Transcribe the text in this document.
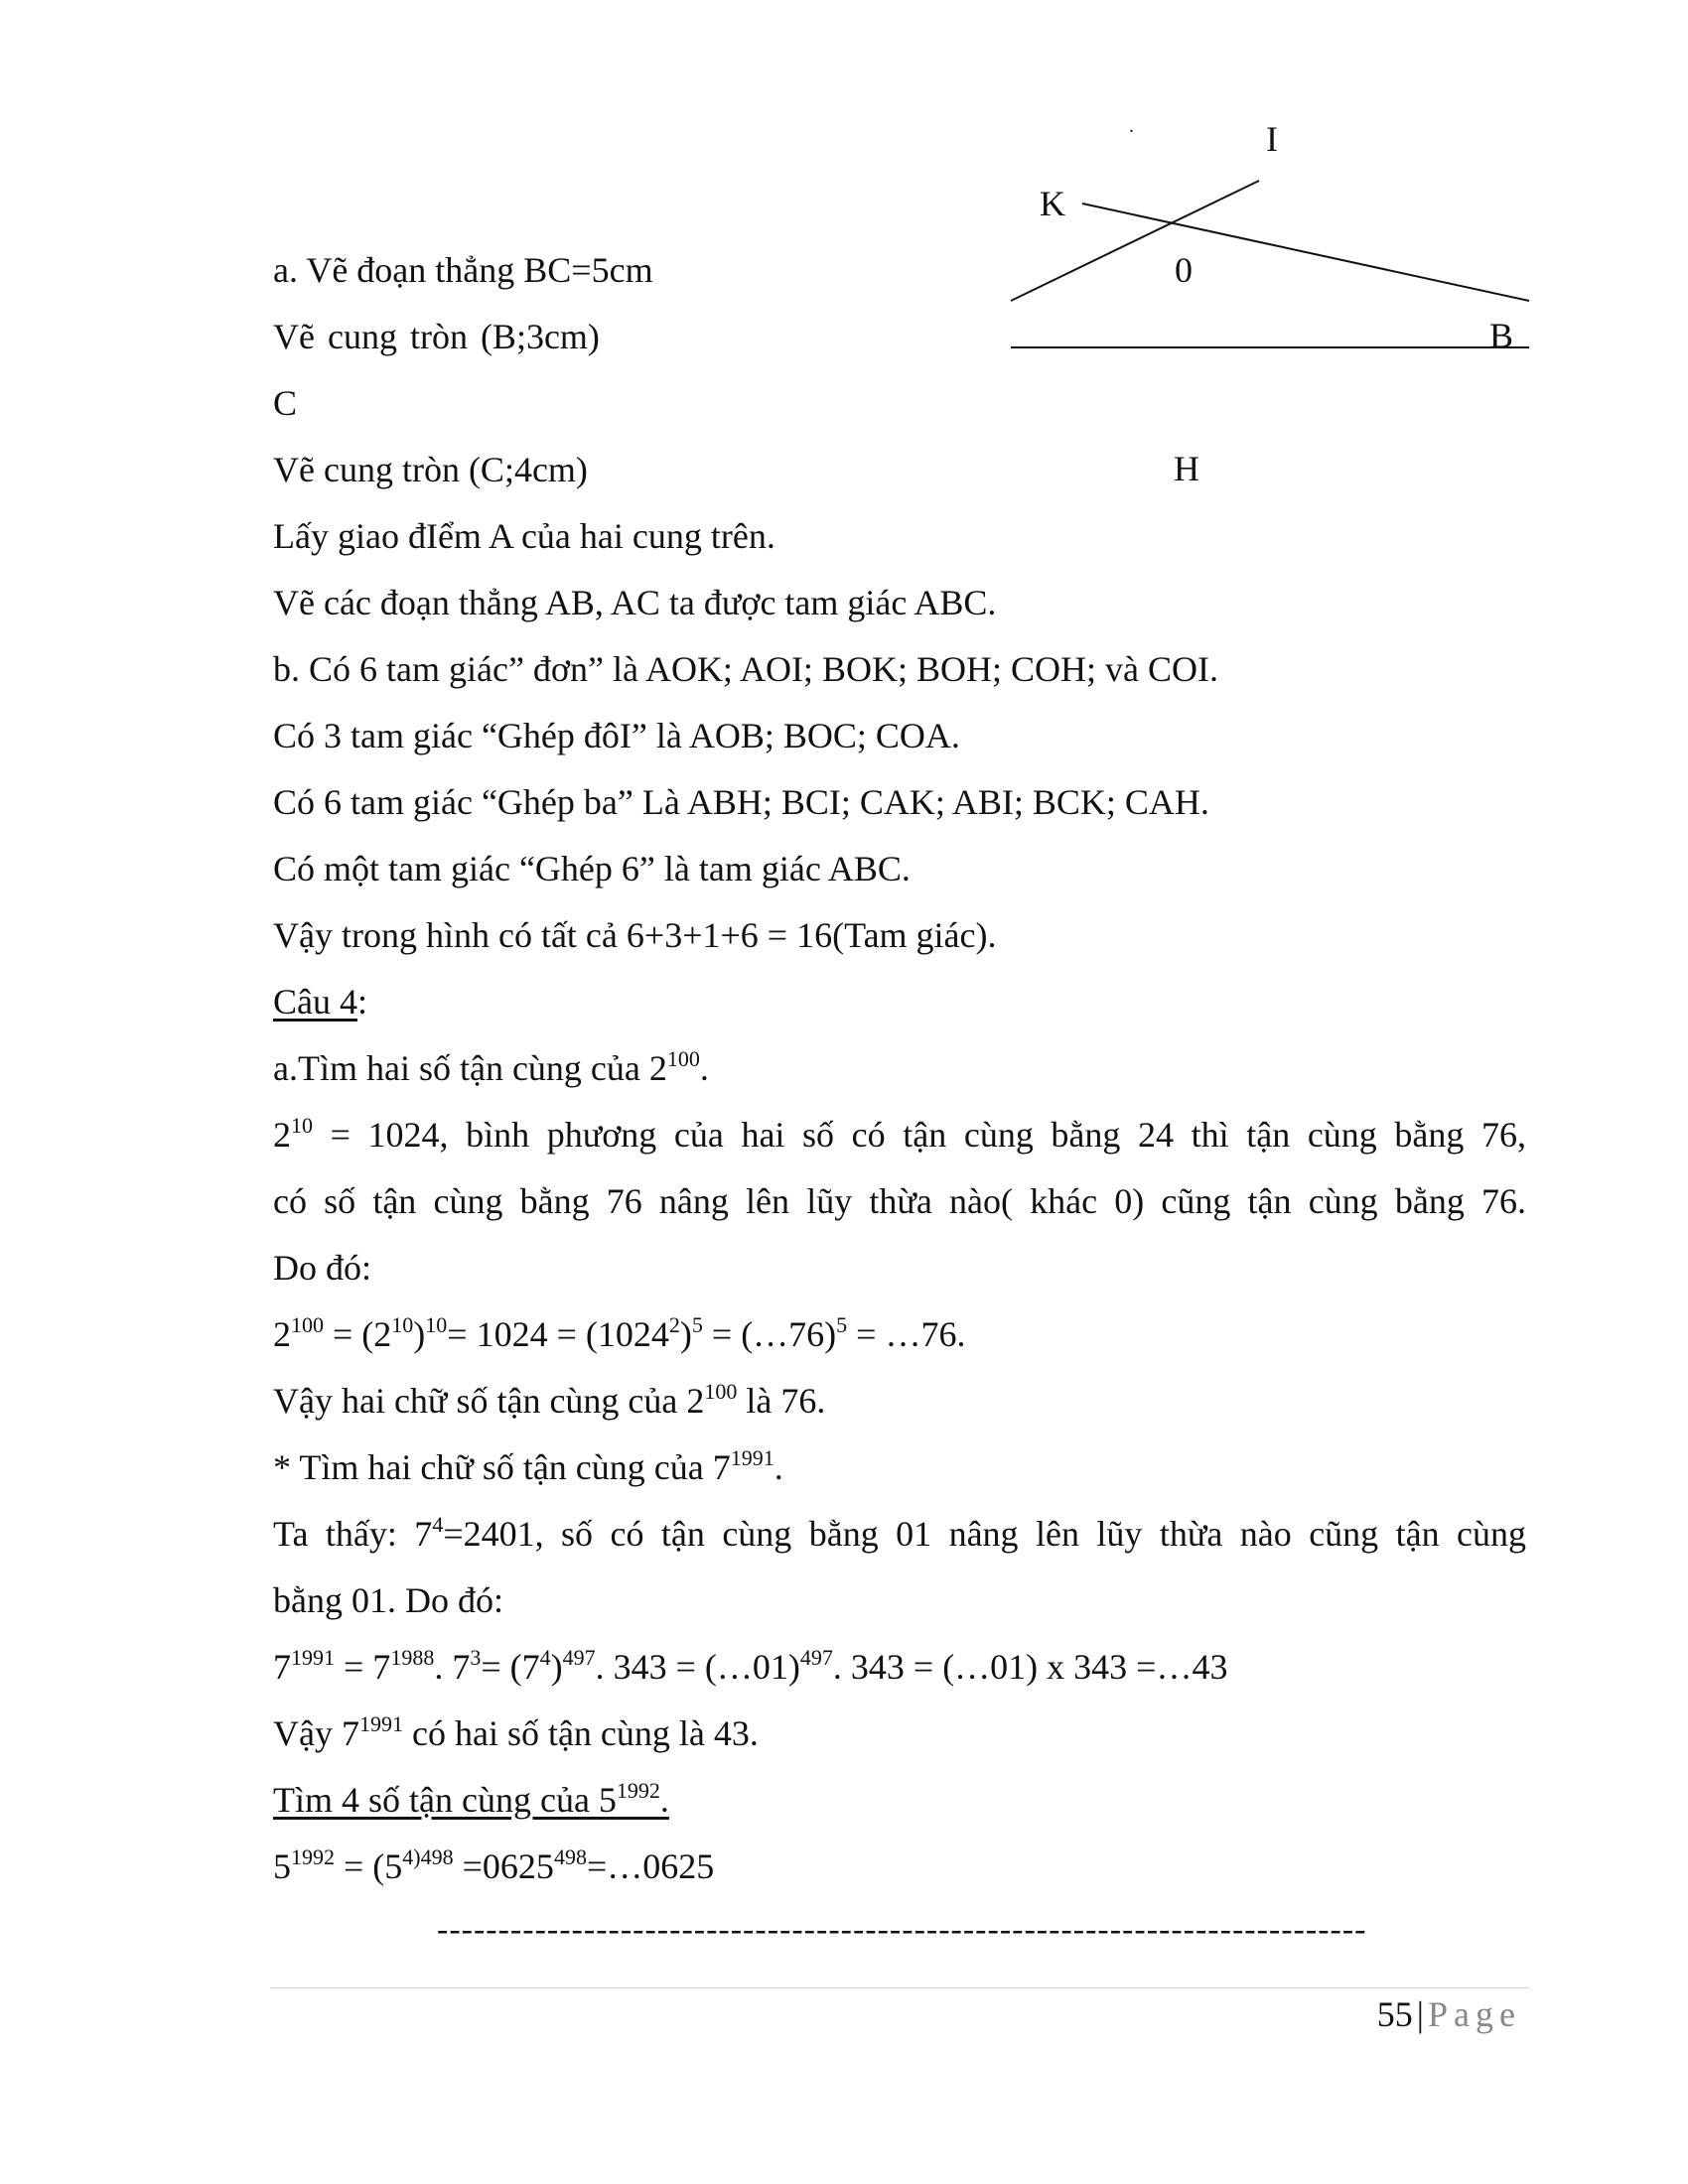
.	I
K
0
B
H
a. Vẽ đoạn thẳng BC=5cm
Vẽ cung tròn (B;3cm)
C
Vẽ cung tròn (C;4cm)
Lấy giao đIểm A của hai cung trên.
Vẽ các đoạn thẳng AB, AC ta được tam giác ABC.
b. Có 6 tam giác” đơn” là AOK; AOI; BOK; BOH; COH; và COI.
Có 3 tam giác “Ghép đôI” là AOB; BOC; COA.
Có 6 tam giác “Ghép ba” Là ABH; BCI; CAK; ABI; BCK; CAH.
Có một tam giác “Ghép 6” là tam giác ABC.
Vậy trong hình có tất cả 6+3+1+6 = 16(Tam giác).
Câu 4:
a.Tìm hai số tận cùng của $2^{100}$.
$2^{10} = 1024$, bình phương của hai số có tận cùng bằng 24 thì tận cùng bằng 76,
có số tận cùng bằng 76 nâng lên lũy thừa nào( khác 0) cũng tận cùng bằng 76.
Do đó:
$2^{100} = (2^{10})^{10}= 1024 = (1024^2)^5$ = (…76)$^5$ = …76.
Vậy hai chữ số tận cùng của $2^{100}$ là 76.
* Tìm hai chữ số tận cùng của $7^{1991}$.
Ta thấy: $7^4=2401$, số có tận cùng bằng 01 nâng lên lũy thừa nào cũng tận cùng
bằng 01. Do đó:
$7^{1991} = 7^{1988}$. $7^3= (7^4)^{497}$. 343 = (…01)$^{497}$. 343 = (…01) x 343 =…43
Vậy $7^{1991}$ có hai số tận cùng là 43.
Tìm 4 số tận cùng của $5^{1992}$.
$5^{1992} = (5^{4)498}$ $=0625^{498}=\dots 0625$
----------------------------------------------------------------------------
55 | Page
